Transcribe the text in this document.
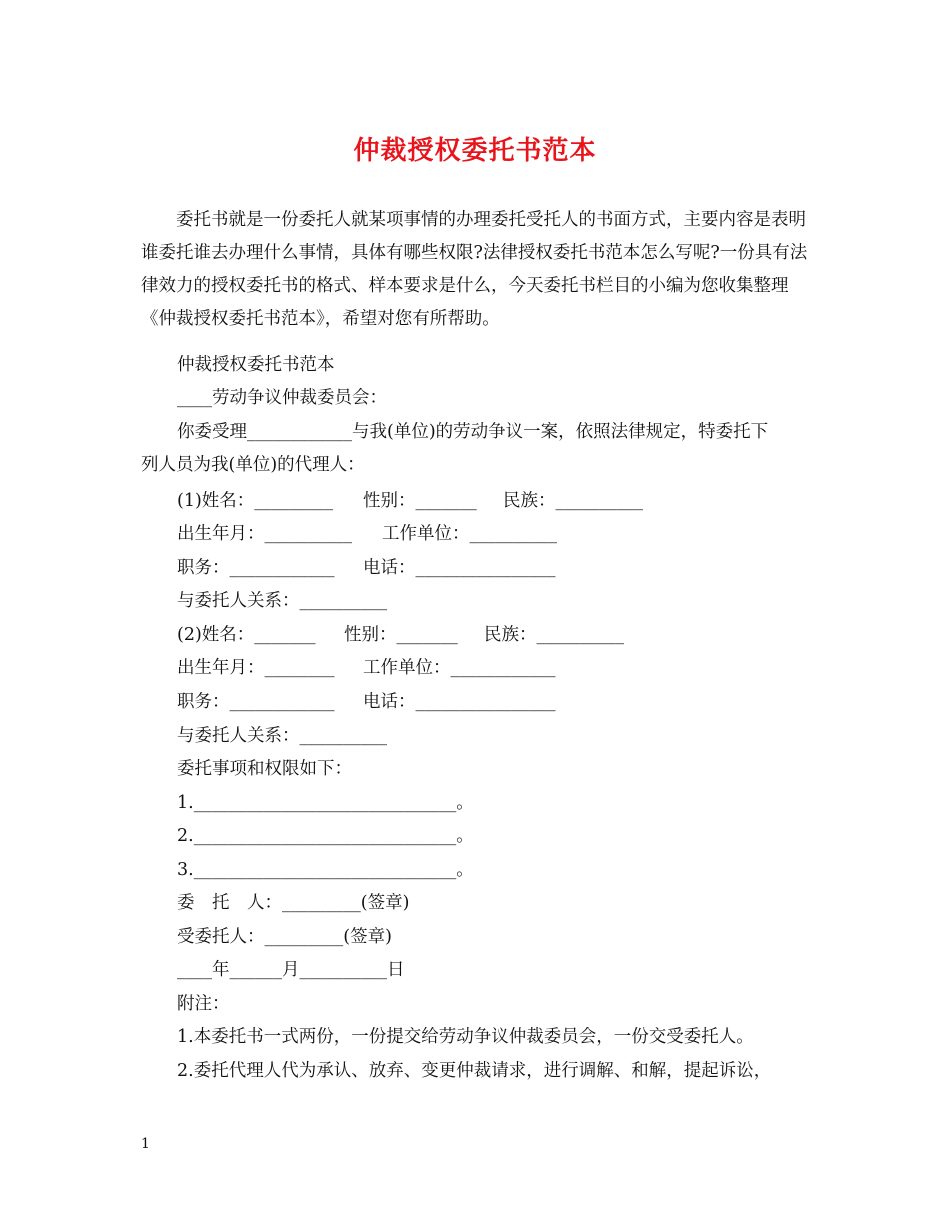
仲裁授权委托书范本
委托书就是一份委托人就某项事情的办理委托受托人的书面方式，主要内容是表明谁委托谁去办理什么事情，具体有哪些权限?法律授权委托书范本怎么写呢?一份具有法律效力的授权委托书的格式、样本要求是什么，今天委托书栏目的小编为您收集整理《仲裁授权委托书范本》，希望对您有所帮助。
仲裁授权委托书范本
____劳动争议仲裁委员会：
你委受理____________与我(单位)的劳动争议一案，依照法律规定，特委托下
列人员为我(单位)的代理人：
(1)姓名：_________ 性别：_______ 民族：__________
出生年月：__________ 工作单位：__________
职务：____________ 电话：________________
与委托人关系：__________
(2)姓名：_______ 性别：_______ 民族：__________
出生年月：________ 工作单位：____________
职务：____________ 电话：________________
与委托人关系：__________
委托事项和权限如下：
1.______________________________。
2.______________________________。
3.______________________________。
委　托　人：_________(签章)
受委托人：_________(签章)
____年______月__________日
附注：
1.本委托书一式两份，一份提交给劳动争议仲裁委员会，一份交受委托人。
2.委托代理人代为承认、放弃、变更仲裁请求，进行调解、和解，提起诉讼，
1
